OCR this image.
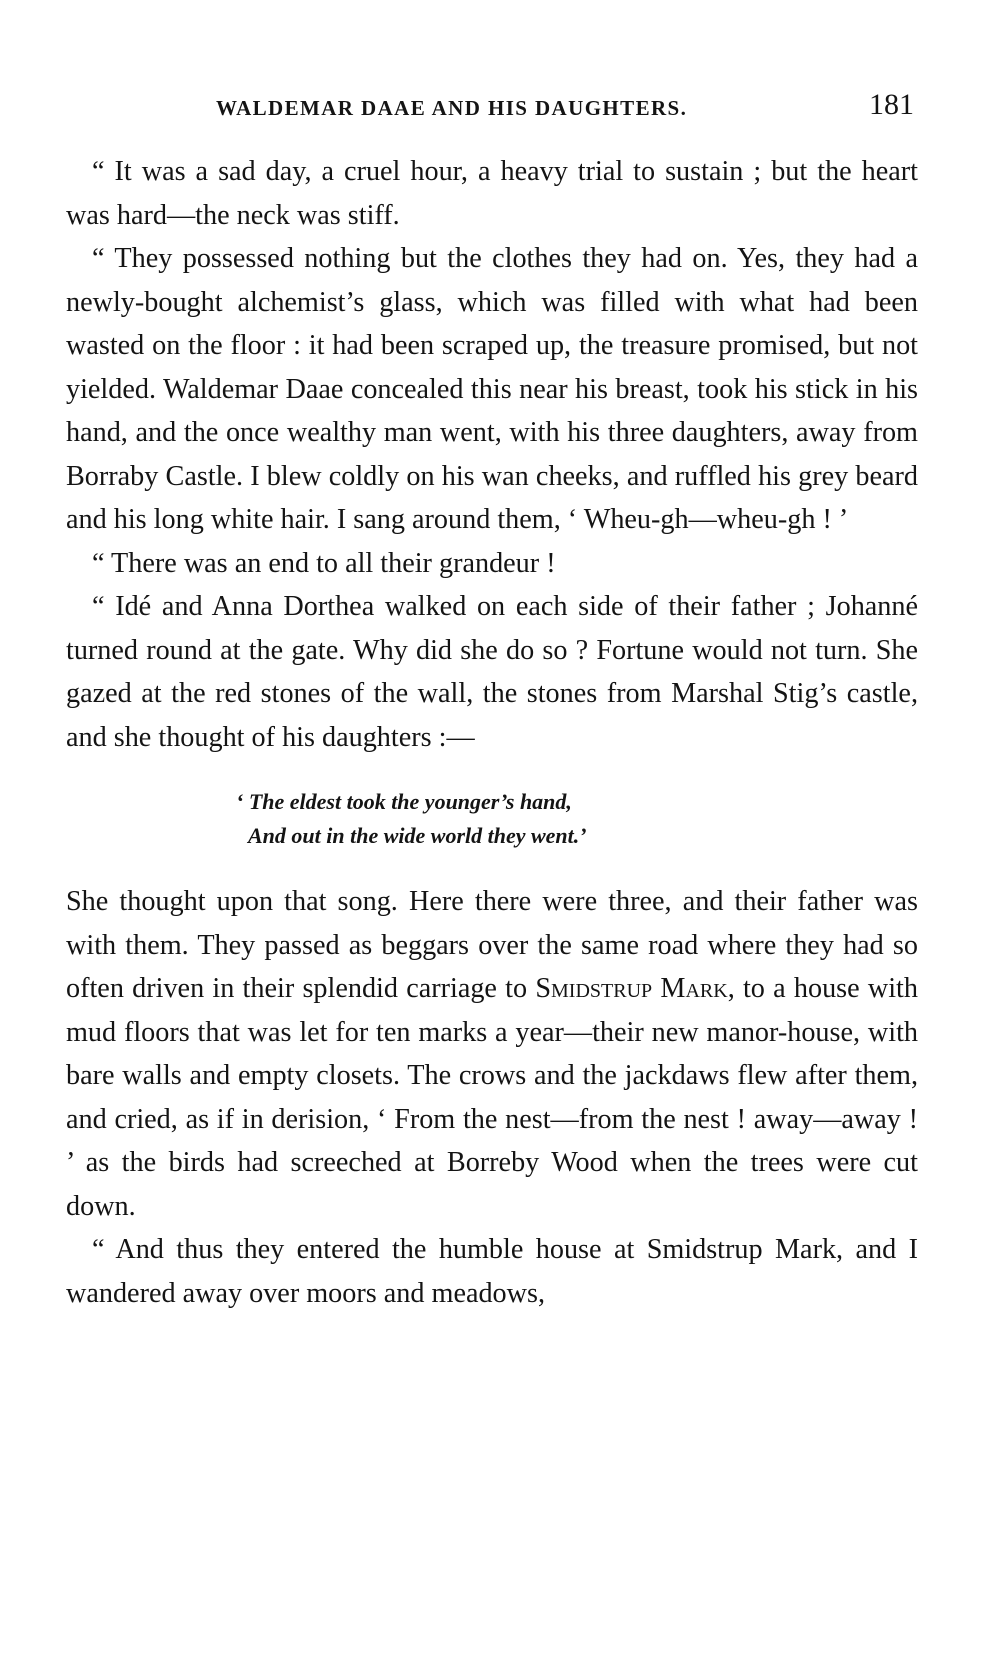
WALDEMAR DAAE AND HIS DAUGHTERS.	181

“ It was a sad day, a cruel hour, a heavy trial to sustain ; but the heart was hard—the neck was stiff.

“ They possessed nothing but the clothes they had on. Yes, they had a newly-bought alchemist’s glass, which was filled with what had been wasted on the floor : it had been scraped up, the treasure promised, but not yielded. Waldemar Daae concealed this near his breast, took his stick in his hand, and the once wealthy man went, with his three daughters, away from Borraby Castle. I blew coldly on his wan cheeks, and ruffled his grey beard and his long white hair. I sang around them, ‘ Wheu-gh—wheu-gh ! ’

“ There was an end to all their grandeur !

“ Idé and Anna Dorthea walked on each side of their father ; Johanné turned round at the gate. Why did she do so ? Fortune would not turn. She gazed at the red stones of the wall, the stones from Marshal Stig’s castle, and she thought of his daughters :—

‘ The eldest took the younger’s hand,
And out in the wide world they went.’

She thought upon that song. Here there were three, and their father was with them. They passed as beggars over the same road where they had so often driven in their splendid carriage to Smidstrup Mark, to a house with mud floors that was let for ten marks a year—their new manor-house, with bare walls and empty closets. The crows and the jackdaws flew after them, and cried, as if in derision, ‘ From the nest—from the nest ! away—away ! ’ as the birds had screeched at Borreby Wood when the trees were cut down.

“ And thus they entered the humble house at Smidstrup Mark, and I wandered away over moors and meadows,
